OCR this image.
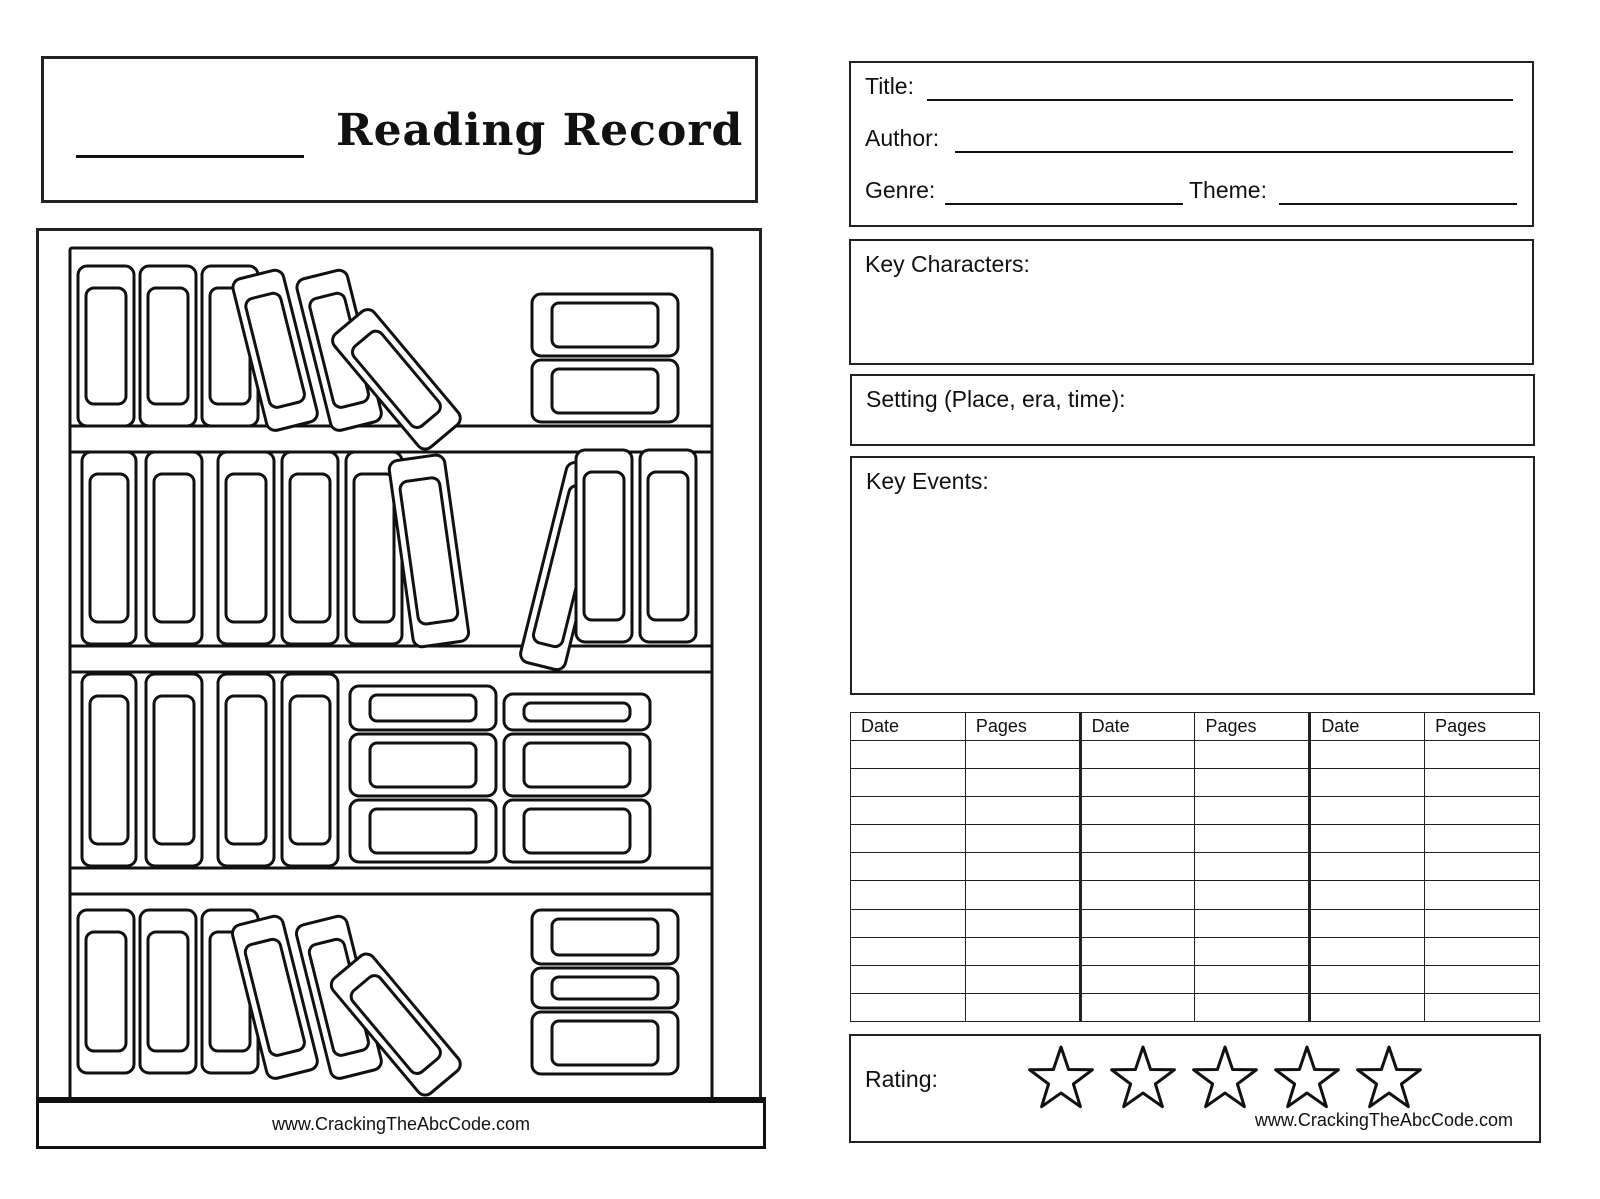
Reading Record
www.CrackingTheAbcCode.com
Title:
Author:
Genre:	Theme:
Key Characters:
Setting (Place, era, time):
Key Events:
Date	Pages	Date	Pages	Date	Pages

Rating:
www.CrackingTheAbcCode.com
